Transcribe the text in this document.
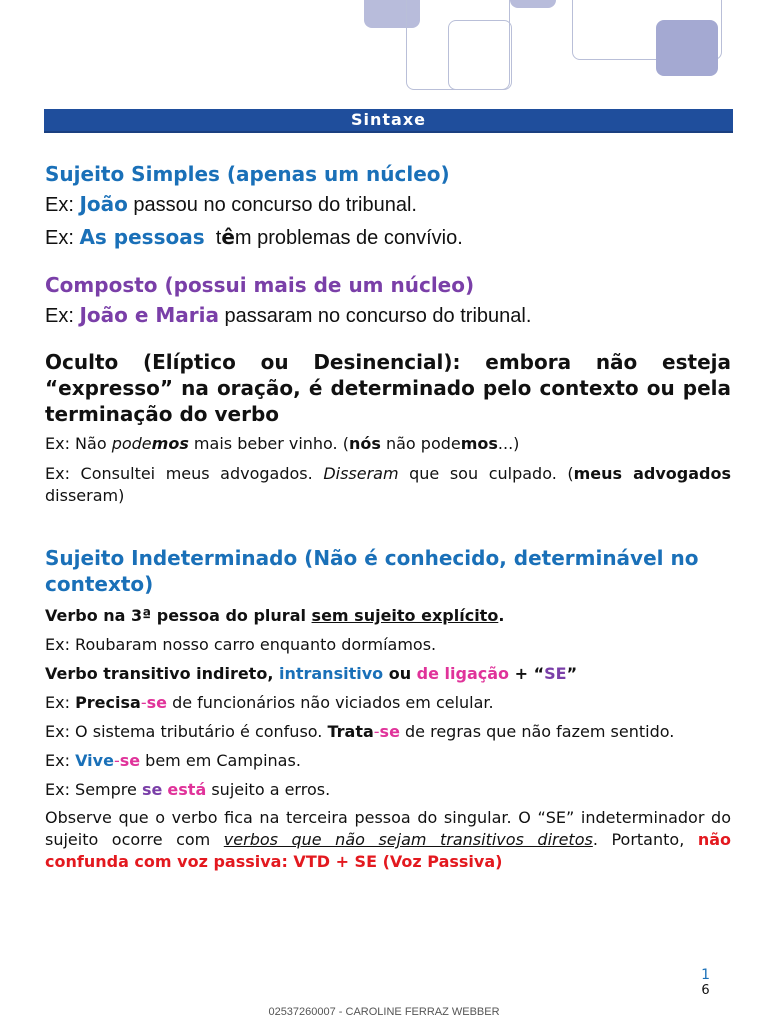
Sintaxe

Sujeito Simples (apenas um núcleo)

Ex: João passou no concurso do tribunal.

Ex: As pessoas  têm problemas de convívio.

Composto (possui mais de um núcleo)

Ex: João e Maria passaram no concurso do tribunal.

Oculto (Elíptico ou Desinencial): embora não esteja “expresso” na oração, é determinado pelo contexto ou pela terminação do verbo

Ex: Não podemos mais beber vinho. (nós não podemos...)

Ex: Consultei meus advogados. Disseram que sou culpado. (meus advogados disseram)

Sujeito Indeterminado (Não é conhecido, determinável no contexto)

Verbo na 3ª pessoa do plural sem sujeito explícito.

Ex: Roubaram nosso carro enquanto dormíamos.

Verbo transitivo indireto, intransitivo ou de ligação + “SE”

Ex: Precisa-se de funcionários não viciados em celular.

Ex: O sistema tributário é confuso. Trata-se de regras que não fazem sentido.

Ex: Vive-se bem em Campinas.

Ex: Sempre se está sujeito a erros.

Observe que o verbo fica na terceira pessoa do singular. O “SE” indeterminador do sujeito ocorre com verbos que não sejam transitivos diretos. Portanto, não confunda com voz passiva: VTD + SE (Voz Passiva)

1
6
02537260007 - CAROLINE FERRAZ WEBBER
